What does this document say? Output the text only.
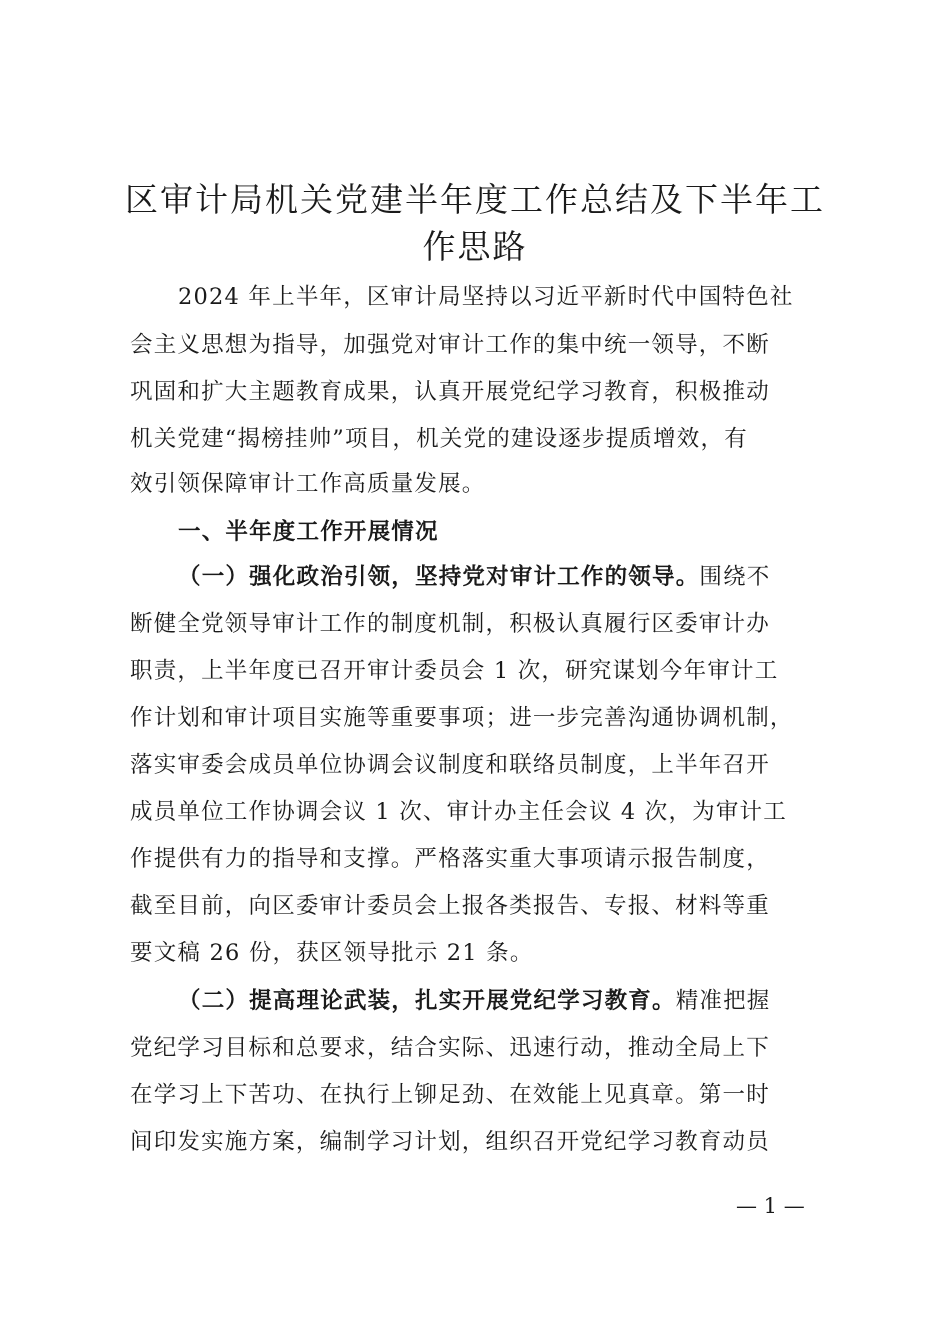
区审计局机关党建半年度工作总结及下半年工
作思路
2024 年上半年，区审计局坚持以习近平新时代中国特色社
会主义思想为指导，加强党对审计工作的集中统一领导，不断
巩固和扩大主题教育成果，认真开展党纪学习教育，积极推动
机关党建“揭榜挂帅”项目，机关党的建设逐步提质增效，有
效引领保障审计工作高质量发展。
一、半年度工作开展情况
（一）强化政治引领，坚持党对审计工作的领导。围绕不
断健全党领导审计工作的制度机制，积极认真履行区委审计办
职责，上半年度已召开审计委员会 1 次，研究谋划今年审计工
作计划和审计项目实施等重要事项；进一步完善沟通协调机制，
落实审委会成员单位协调会议制度和联络员制度，上半年召开
成员单位工作协调会议 1 次、审计办主任会议 4 次，为审计工
作提供有力的指导和支撑。严格落实重大事项请示报告制度，
截至目前，向区委审计委员会上报各类报告、专报、材料等重
要文稿 26 份，获区领导批示 21 条。
（二）提高理论武装，扎实开展党纪学习教育。精准把握
党纪学习目标和总要求，结合实际、迅速行动，推动全局上下
在学习上下苦功、在执行上铆足劲、在效能上见真章。第一时
间印发实施方案，编制学习计划，组织召开党纪学习教育动员
— 1 —
